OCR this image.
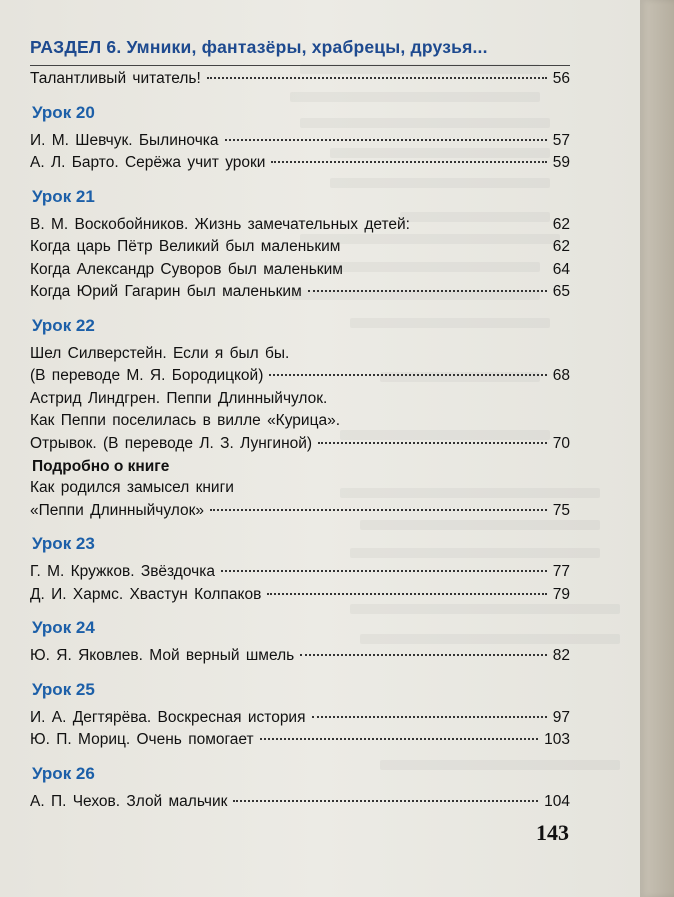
РАЗДЕЛ 6. Умники, фантазёры, храбрецы, друзья...
Талантливый читатель!	56
Урок 20
И. М. Шевчук. Былиночка	57
А. Л. Барто. Серёжа учит уроки	59
Урок 21
В. М. Воскобойников. Жизнь замечательных детей:	62
Когда царь Пётр Великий был маленьким	62
Когда Александр Суворов был маленьким	64
Когда Юрий Гагарин был маленьким	65
Урок 22
Шел Силверстейн. Если я был бы.
(В переводе М. Я. Бородицкой)	68
Астрид Линдгрен. Пеппи Длинныйчулок.
Как Пеппи поселилась в вилле «Курица».
Отрывок. (В переводе Л. З. Лунгиной)	70
Подробно о книге
Как родился замысел книги
«Пеппи Длинныйчулок»	75
Урок 23
Г. М. Кружков. Звёздочка	77
Д. И. Хармс. Хвастун Колпаков	79
Урок 24
Ю. Я. Яковлев. Мой верный шмель	82
Урок 25
И. А. Дегтярёва. Воскресная история	97
Ю. П. Мориц. Очень помогает	103
Урок 26
А. П. Чехов. Злой мальчик	104
143
